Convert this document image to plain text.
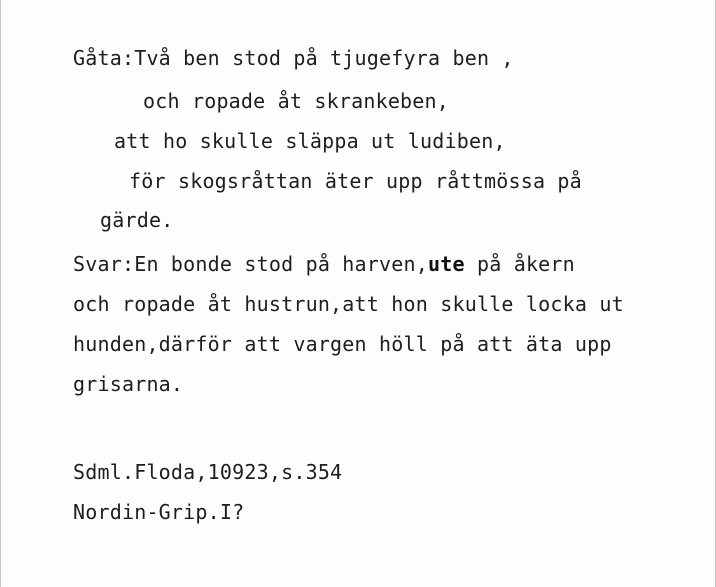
Gåta:Två ben stod på tjugefyra ben ,

och ropade åt skrankeben,

att ho skulle släppa ut ludiben,

för skogsråttan äter upp råttmössa på

gärde.

Svar:En bonde stod på harven,ute på åkern

och ropade åt hustrun,att hon skulle locka ut

hunden,därför att vargen höll på att äta upp

grisarna.

Sdml.Floda,10923,s.354

Nordin-Grip.I?
